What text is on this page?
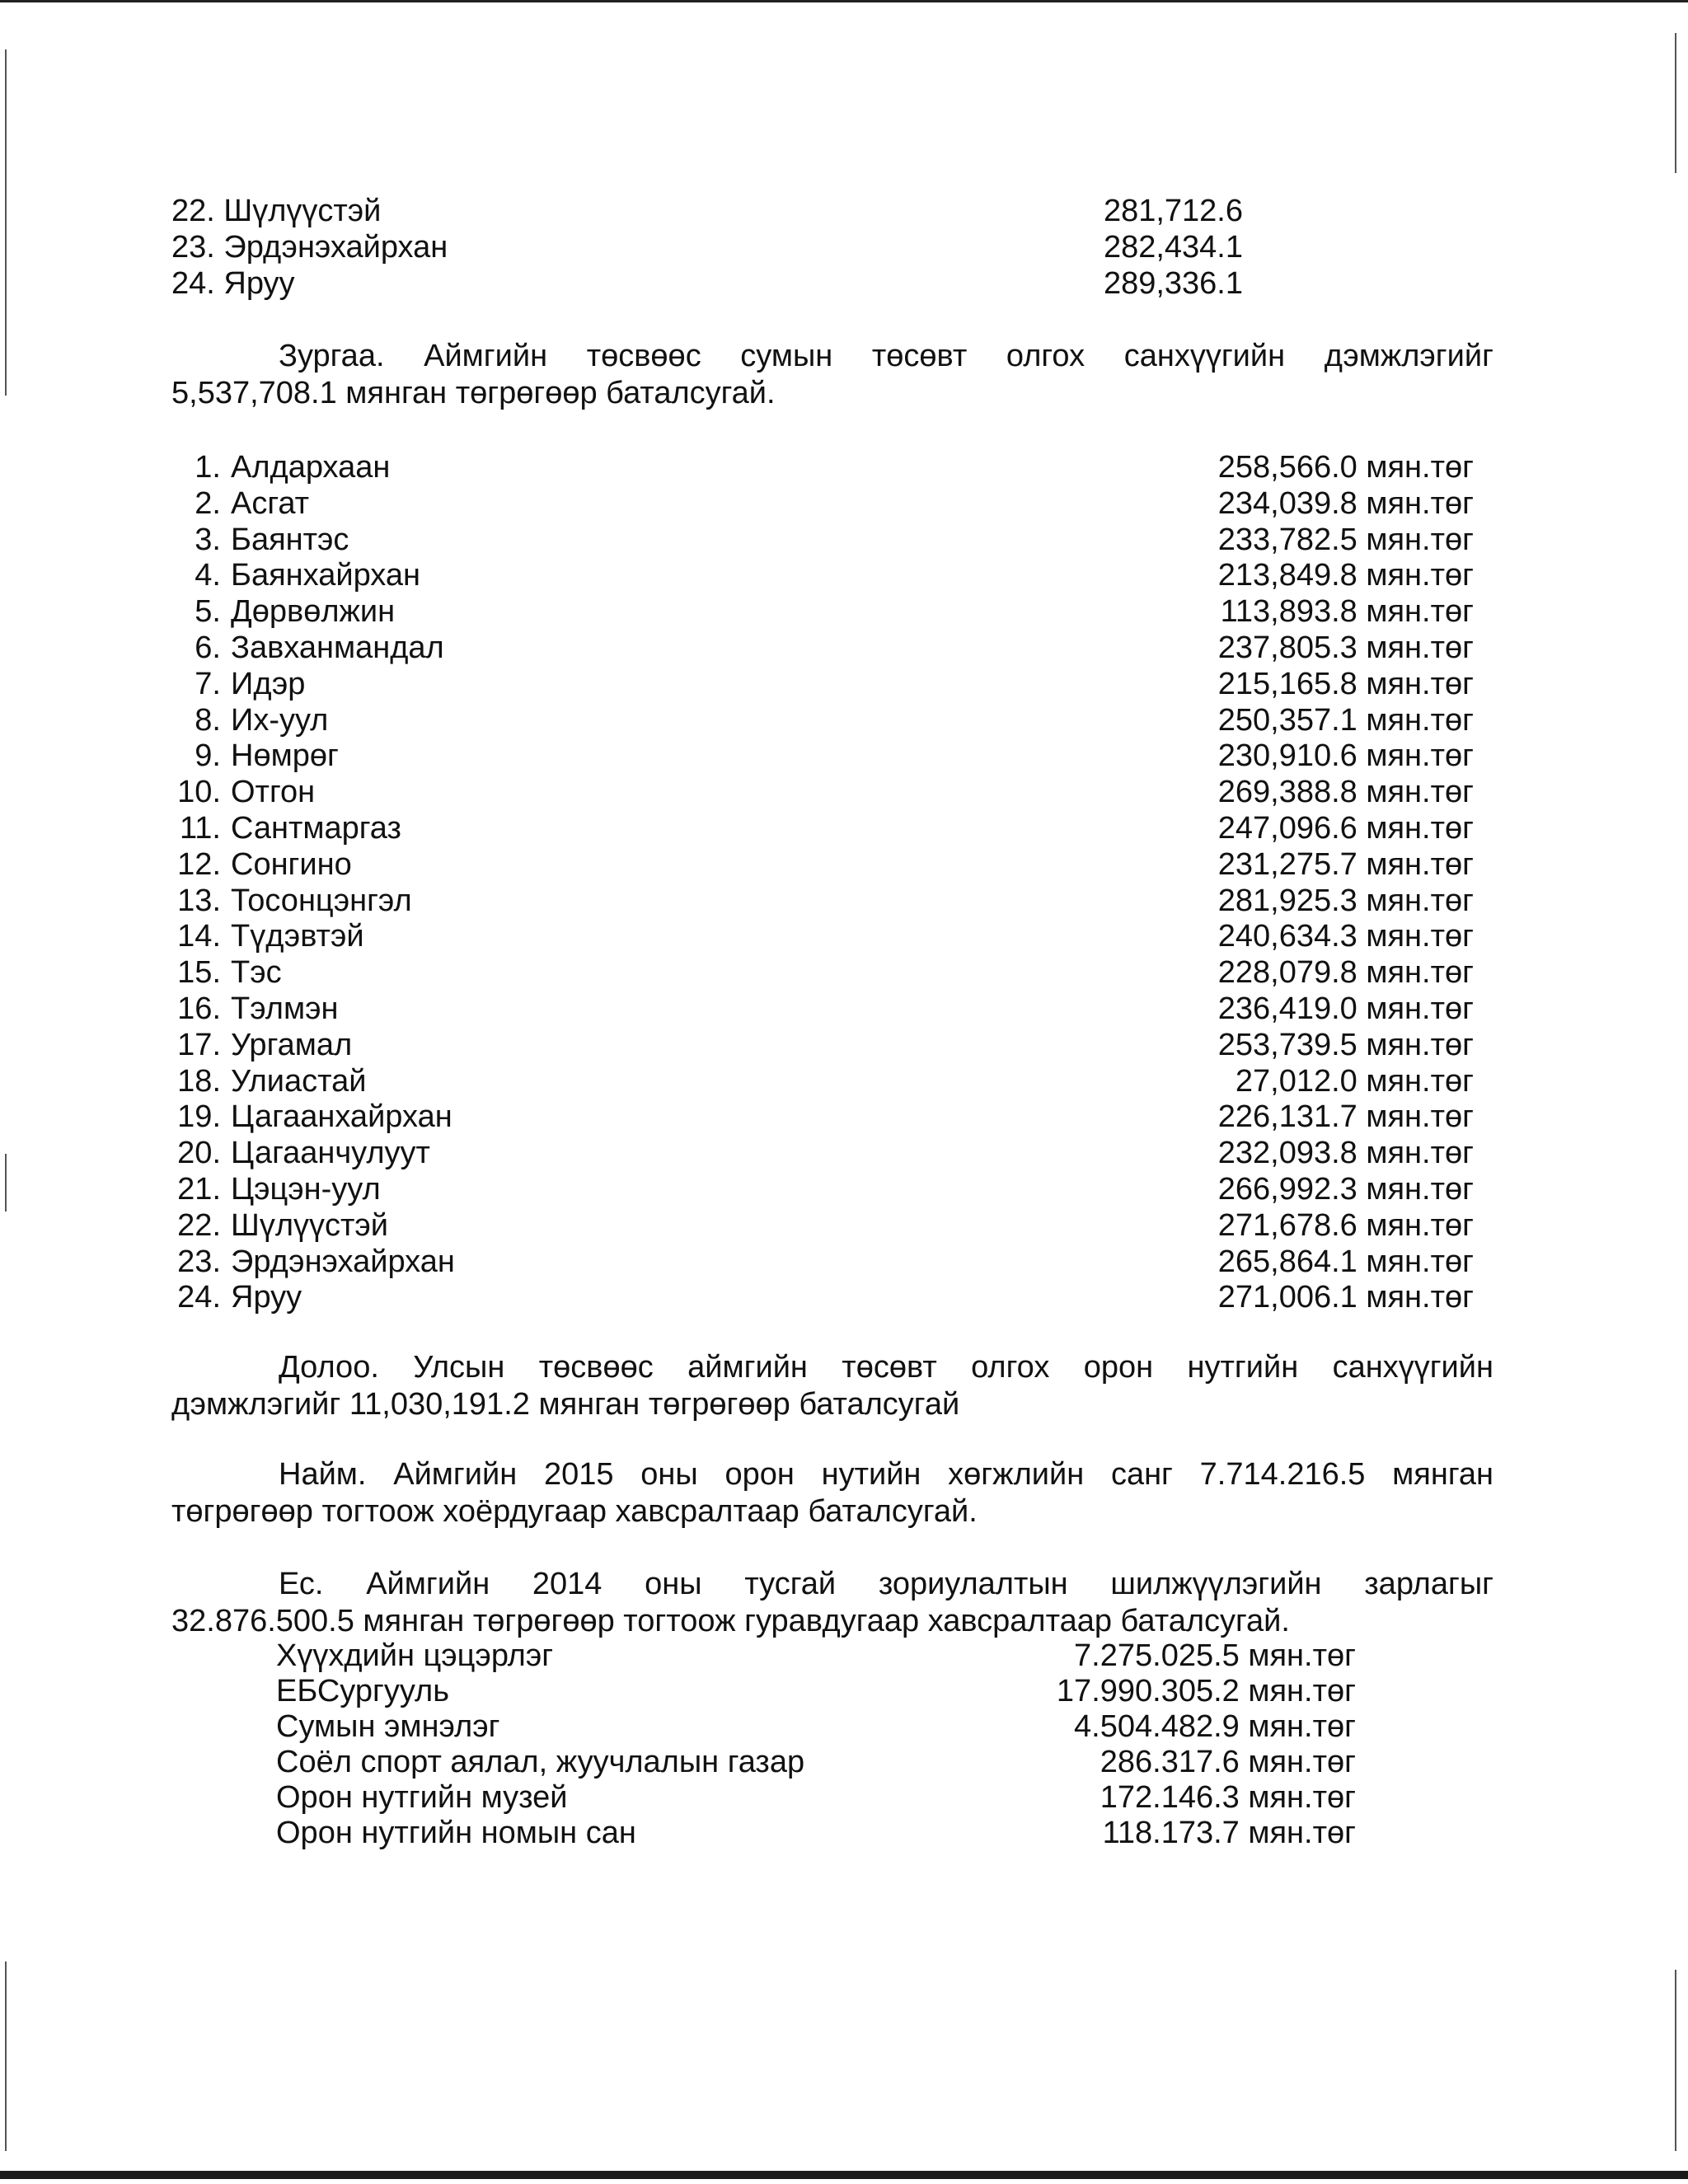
22. Шүлүүстэй	281,712.6
23. Эрдэнэхайрхан	282,434.1
24. Яруу	289,336.1
Зургаа. Аймгийн төсвөөс сумын төсөвт олгох санхүүгийн дэмжлэгийг
5,537,708.1 мянган төгрөгөөр баталсугай.
1. Алдархаан	258,566.0 мян.төг
2. Асгат	234,039.8 мян.төг
3. Баянтэс	233,782.5 мян.төг
4. Баянхайрхан	213,849.8 мян.төг
5. Дөрвөлжин	113,893.8 мян.төг
6. Завханмандал	237,805.3 мян.төг
7. Идэр	215,165.8 мян.төг
8. Их-уул	250,357.1 мян.төг
9. Нөмрөг	230,910.6 мян.төг
10. Отгон	269,388.8 мян.төг
11. Сантмаргаз	247,096.6 мян.төг
12. Сонгино	231,275.7 мян.төг
13. Тосонцэнгэл	281,925.3 мян.төг
14. Түдэвтэй	240,634.3 мян.төг
15. Тэс	228,079.8 мян.төг
16. Тэлмэн	236,419.0 мян.төг
17. Ургамал	253,739.5 мян.төг
18. Улиастай	27,012.0 мян.төг
19. Цагаанхайрхан	226,131.7 мян.төг
20. Цагаанчулуут	232,093.8 мян.төг
21. Цэцэн-уул	266,992.3 мян.төг
22. Шүлүүстэй	271,678.6 мян.төг
23. Эрдэнэхайрхан	265,864.1 мян.төг
24. Яруу	271,006.1 мян.төг
Долоо. Улсын төсвөөс аймгийн төсөвт олгох орон нутгийн санхүүгийн
дэмжлэгийг 11,030,191.2 мянган төгрөгөөр баталсугай
Найм. Аймгийн 2015 оны орон нутийн хөгжлийн санг 7.714.216.5 мянган
төгрөгөөр тогтоож хоёрдугаар хавсралтаар баталсугай.
Ес. Аймгийн 2014 оны тусгай зориулалтын шилжүүлэгийн зарлагыг
32.876.500.5 мянган төгрөгөөр тогтоож гуравдугаар хавсралтаар баталсугай.
Хүүхдийн цэцэрлэг	7.275.025.5 мян.төг
ЕБСургууль	17.990.305.2 мян.төг
Сумын эмнэлэг	4.504.482.9 мян.төг
Соёл спорт аялал, жуучлалын газар	286.317.6 мян.төг
Орон нутгийн музей	172.146.3 мян.төг
Орон нутгийн номын сан	118.173.7 мян.төг
